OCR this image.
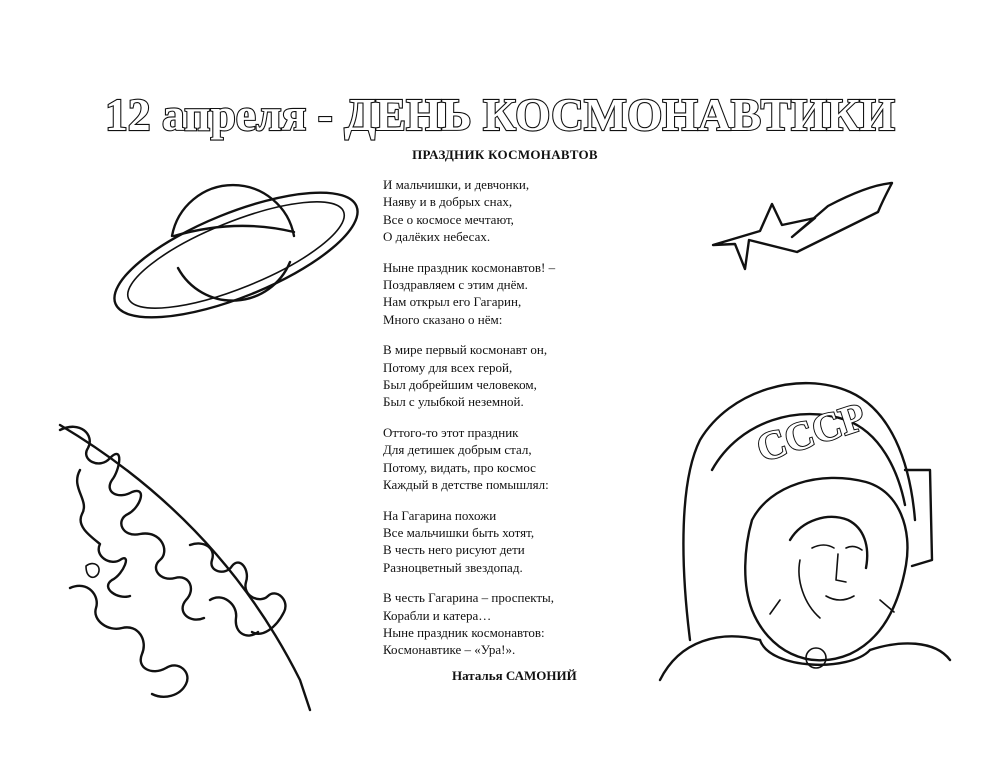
12 апреля - ДЕНЬ КОСМОНАВТИКИ
СССР
ПРАЗДНИК КОСМОНАВТОВ
И мальчишки, и девчонки,
Наяву и в добрых снах,
Все о космосе мечтают,
О далёких небесах.
Ныне праздник космонавтов! –
Поздравляем с этим днём.
Нам открыл его Гагарин,
Много сказано о нём:
В мире первый космонавт он,
Потому для всех герой,
Был добрейшим человеком,
Был с улыбкой неземной.
Оттого-то этот праздник
Для детишек добрым стал,
Потому, видать, про космос
Каждый в детстве помышлял:
На Гагарина похожи
Все мальчишки быть хотят,
В честь него рисуют дети
Разноцветный звездопад.
В честь Гагарина – проспекты,
Корабли и катера…
Ныне праздник космонавтов:
Космонавтике – «Ура!».
Наталья САМОНИЙ
